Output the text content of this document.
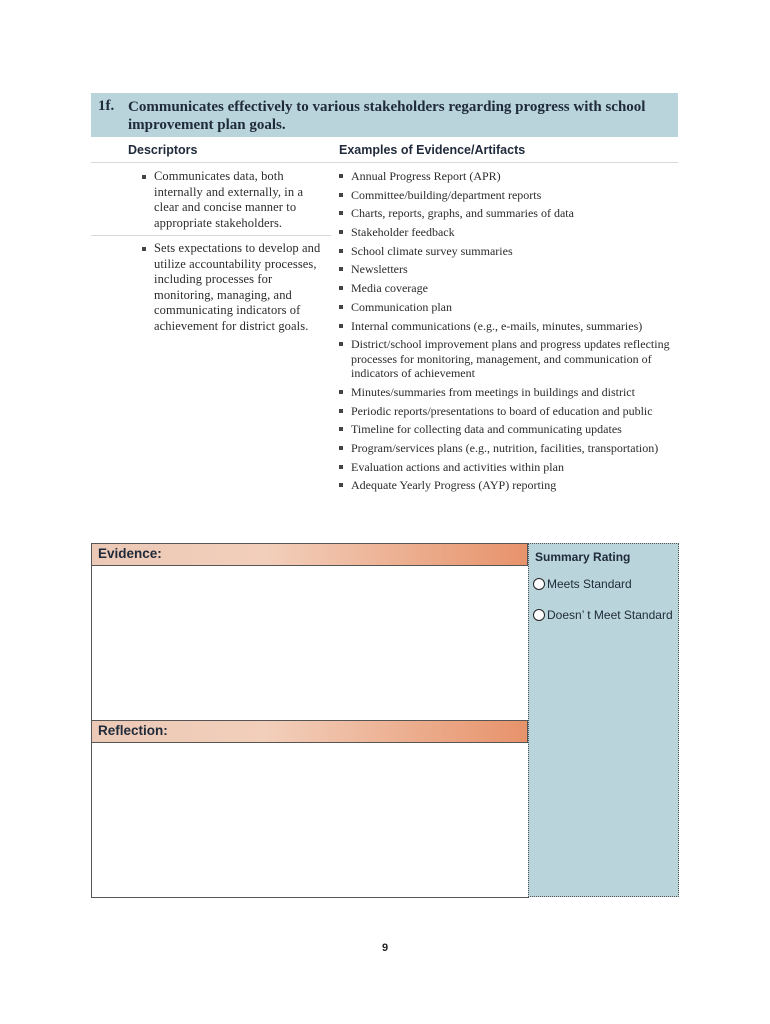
1f. Communicates effectively to various stakeholders regarding progress with school improvement plan goals.
Descriptors	Examples of Evidence/Artifacts
Communicates data, both internally and externally, in a clear and concise manner to appropriate stakeholders.
Sets expectations to develop and utilize accountability processes, including processes for monitoring, managing, and communicating indicators of achievement for district goals.
Annual Progress Report (APR)
Committee/building/department reports
Charts, reports, graphs, and summaries of data
Stakeholder feedback
School climate survey summaries
Newsletters
Media coverage
Communication plan
Internal communications (e.g., e-mails, minutes, summaries)
District/school improvement plans and progress updates reflecting processes for monitoring, management, and communication of indicators of achievement
Minutes/summaries from meetings in buildings and district
Periodic reports/presentations to board of education and public
Timeline for collecting data and communicating updates
Program/services plans (e.g., nutrition, facilities, transportation)
Evaluation actions and activities within plan
Adequate Yearly Progress (AYP) reporting
Evidence:
Reflection:
Summary Rating
Meets Standard
Doesn’ t Meet Standard
9
